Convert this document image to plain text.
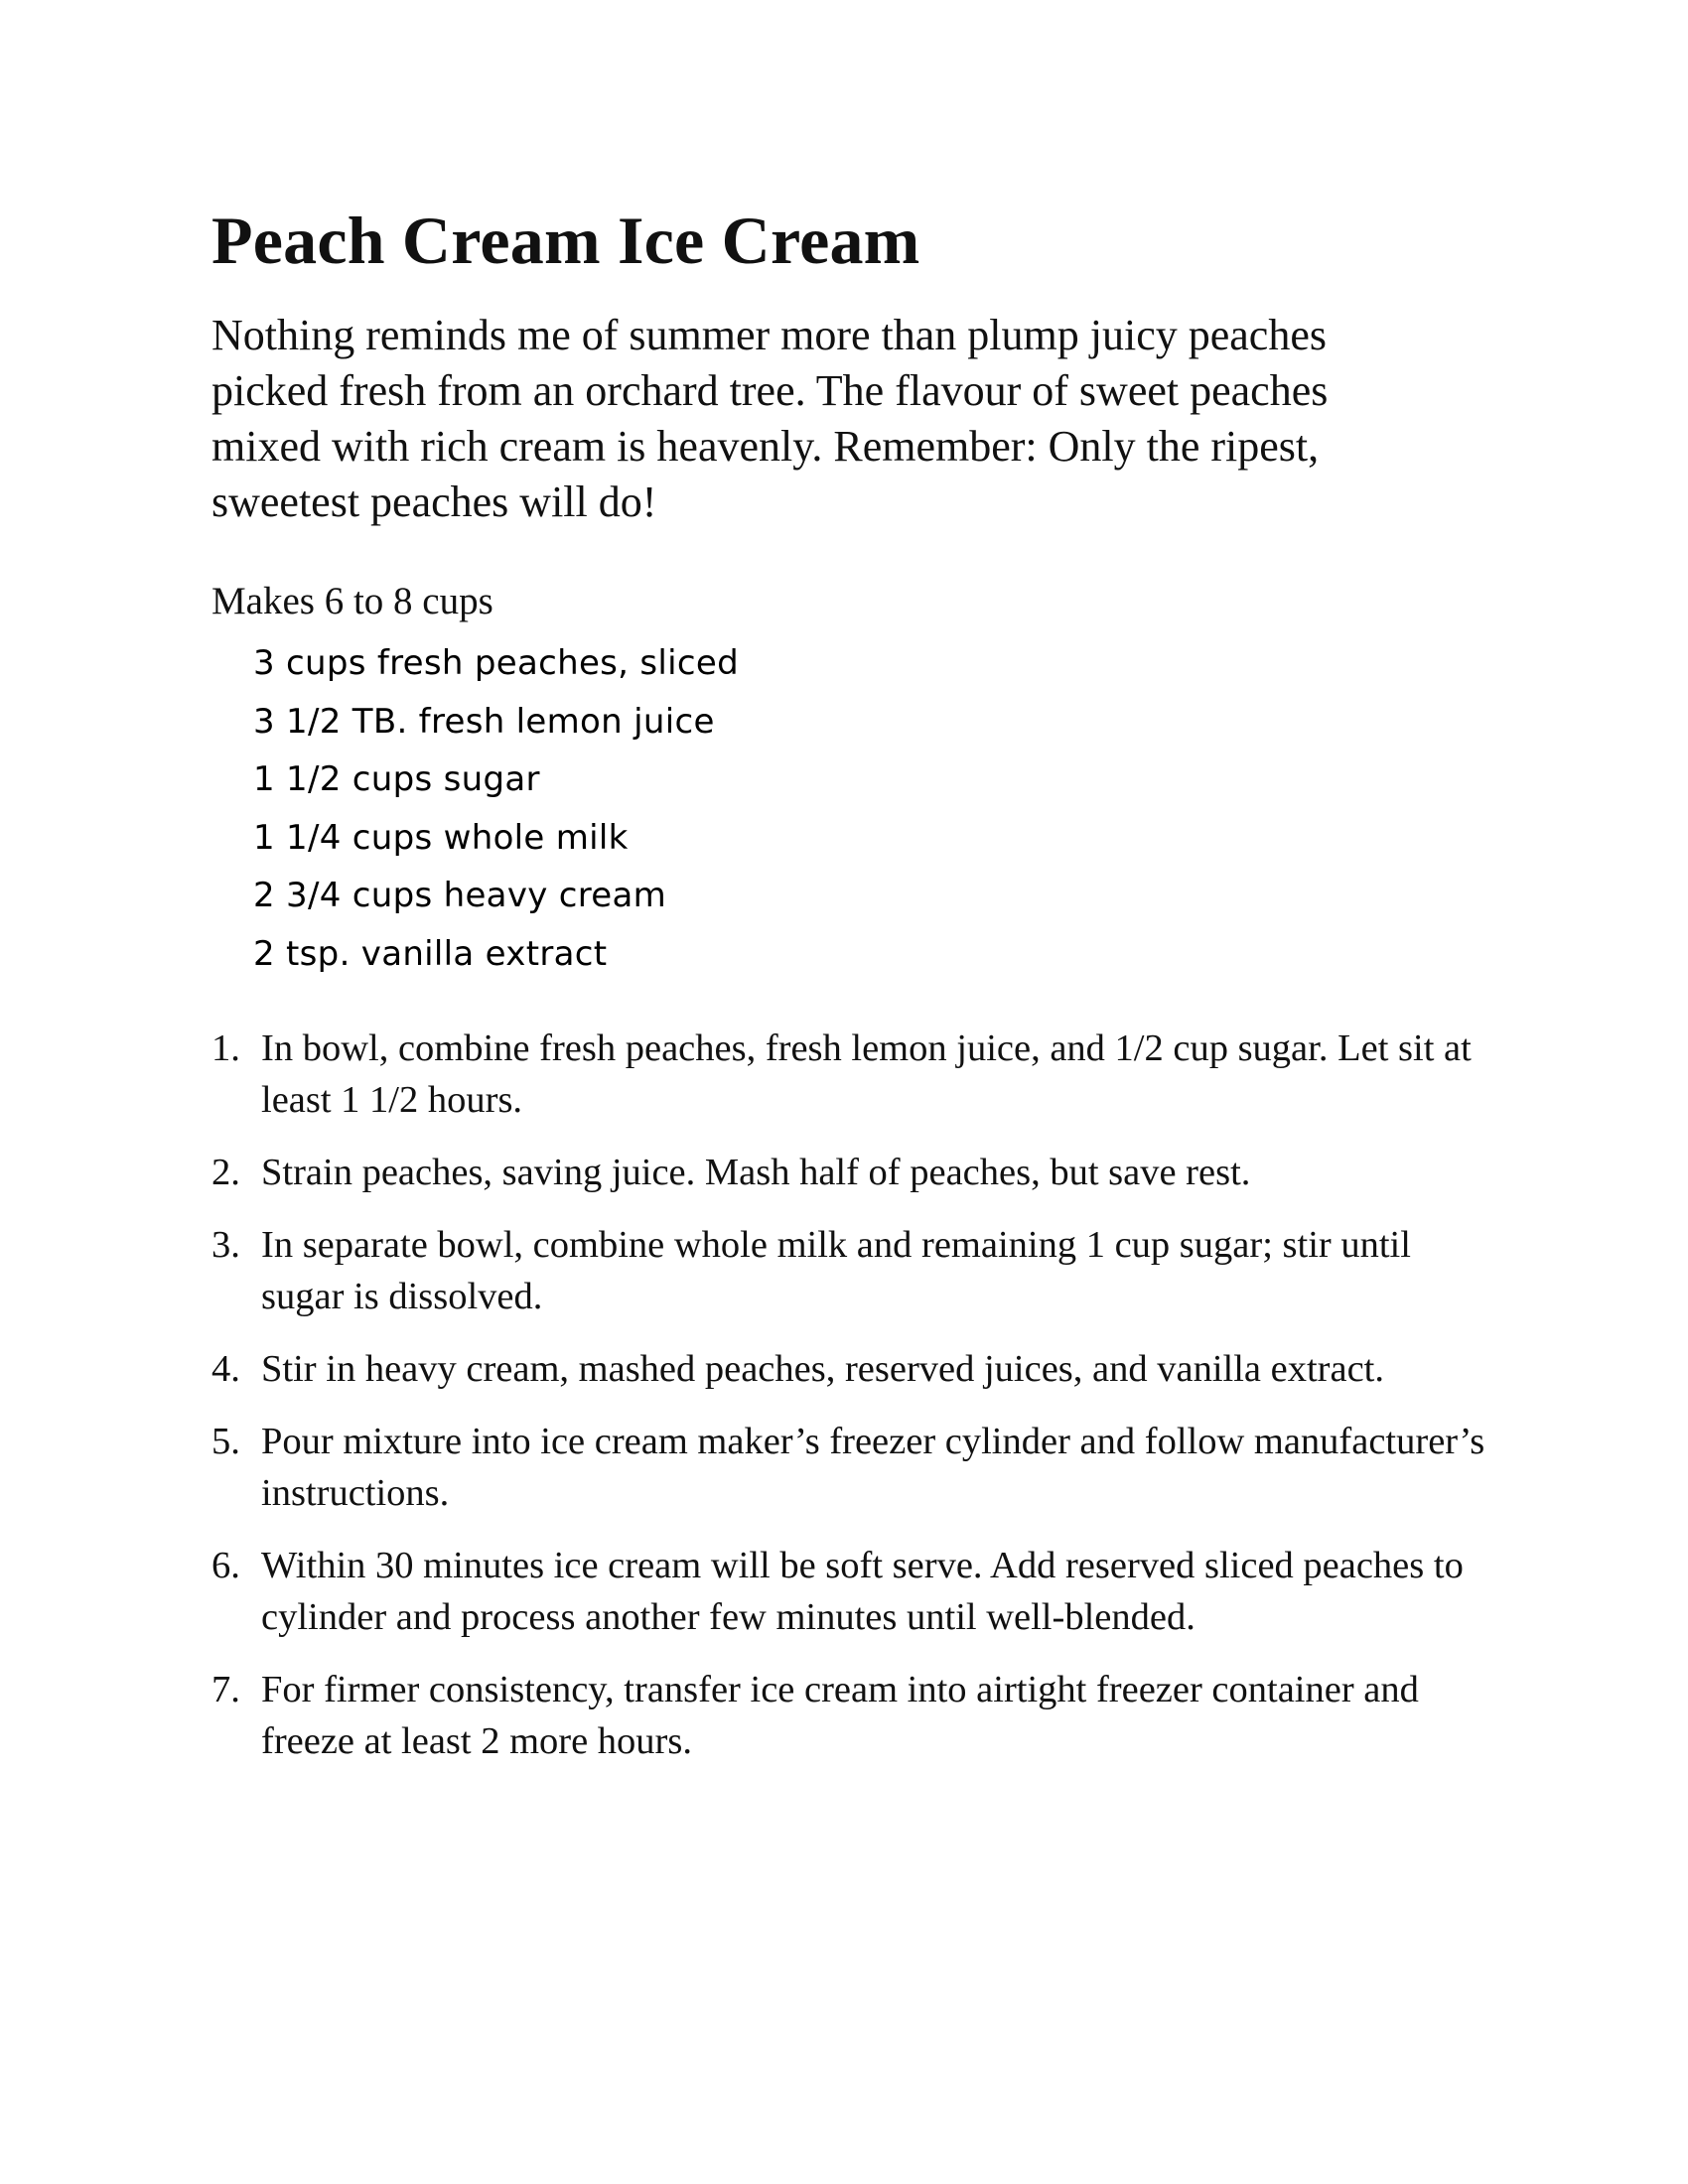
Peach Cream Ice Cream

Nothing reminds me of summer more than plump juicy peaches picked fresh from an orchard tree. The flavour of sweet peaches mixed with rich cream is heavenly. Remember: Only the ripest, sweetest peaches will do!

Makes 6 to 8 cups

3 cups fresh peaches, sliced
3 1/2 TB. fresh lemon juice
1 1/2 cups sugar
1 1/4 cups whole milk
2 3/4 cups heavy cream
2 tsp. vanilla extract
1. In bowl, combine fresh peaches, fresh lemon juice, and 1/2 cup sugar. Let sit at least 1 1/2 hours.
2. Strain peaches, saving juice. Mash half of peaches, but save rest.
3. In separate bowl, combine whole milk and remaining 1 cup sugar; stir until sugar is dissolved.
4. Stir in heavy cream, mashed peaches, reserved juices, and vanilla extract.
5. Pour mixture into ice cream maker’s freezer cylinder and follow manufacturer’s instructions.
6. Within 30 minutes ice cream will be soft serve. Add reserved sliced peaches to cylinder and process another few minutes until well-blended.
7. For firmer consistency, transfer ice cream into airtight freezer container and freeze at least 2 more hours.
